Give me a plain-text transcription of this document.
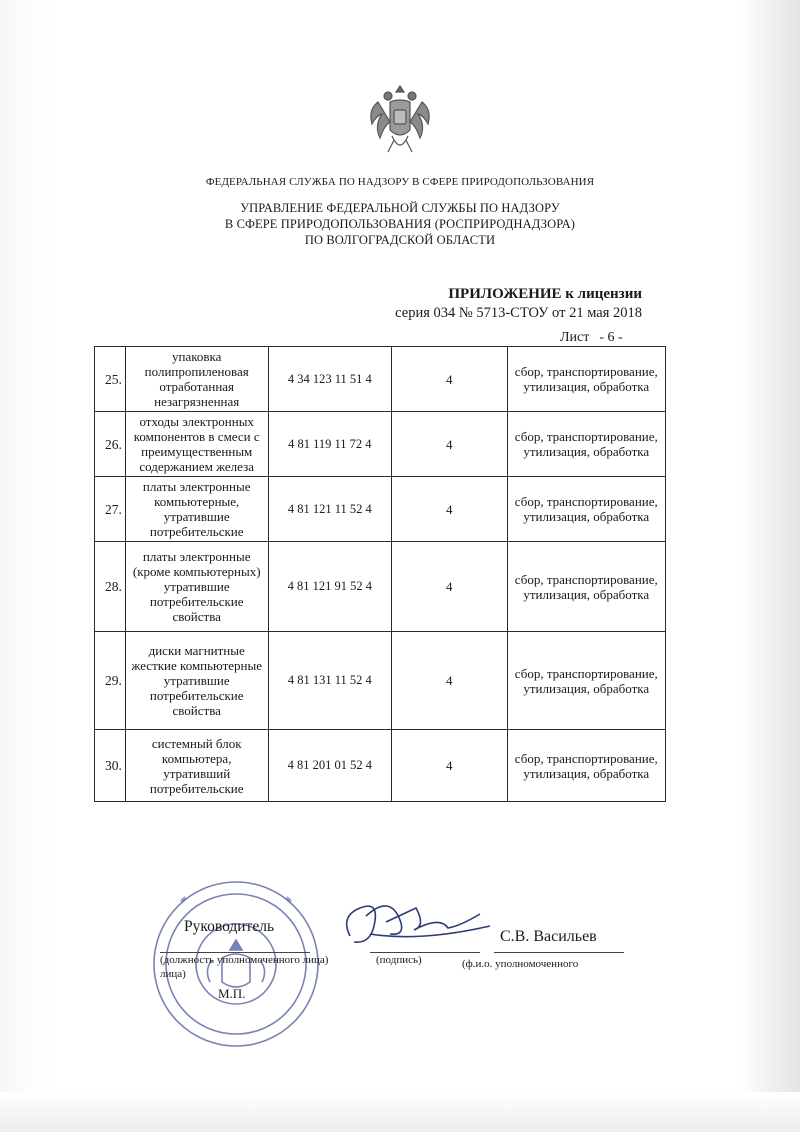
ФЕДЕРАЛЬНАЯ СЛУЖБА ПО НАДЗОРУ В СФЕРЕ ПРИРОДОПОЛЬЗОВАНИЯ
УПРАВЛЕНИЕ ФЕДЕРАЛЬНОЙ СЛУЖБЫ ПО НАДЗОРУ
В СФЕРЕ ПРИРОДОПОЛЬЗОВАНИЯ (РОСПРИРОДНАДЗОРА)
ПО ВОЛГОГРАДСКОЙ ОБЛАСТИ
ПРИЛОЖЕНИЕ к лицензии
серия 034 № 5713-СТОУ от 21 мая 2018
Лист - 6 -
25.	упаковка полипропиленовая отработанная незагрязненная	4 34 123 11 51 4	4	сбор, транспортирование, утилизация, обработка
26.	отходы электронных компонентов в смеси с преимущественным содержанием железа	4 81 119 11 72 4	4	сбор, транспортирование, утилизация, обработка
27.	платы электронные компьютерные, утратившие потребительские	4 81 121 11 52 4	4	сбор, транспортирование, утилизация, обработка
28.	платы электронные (кроме компьютерных) утратившие потребительские свойства	4 81 121 91 52 4	4	сбор, транспортирование, утилизация, обработка
29.	диски магнитные жесткие компьютерные утратившие потребительские свойства	4 81 131 11 52 4	4	сбор, транспортирование, утилизация, обработка
30.	системный блок компьютера, утративший потребительские	4 81 201 01 52 4	4	сбор, транспортирование, утилизация, обработка
Руководитель
С.В. Васильев
(должность уполномоченного лица)
лица)
(подпись)	(ф.и.о. уполномоченного
М.П.
